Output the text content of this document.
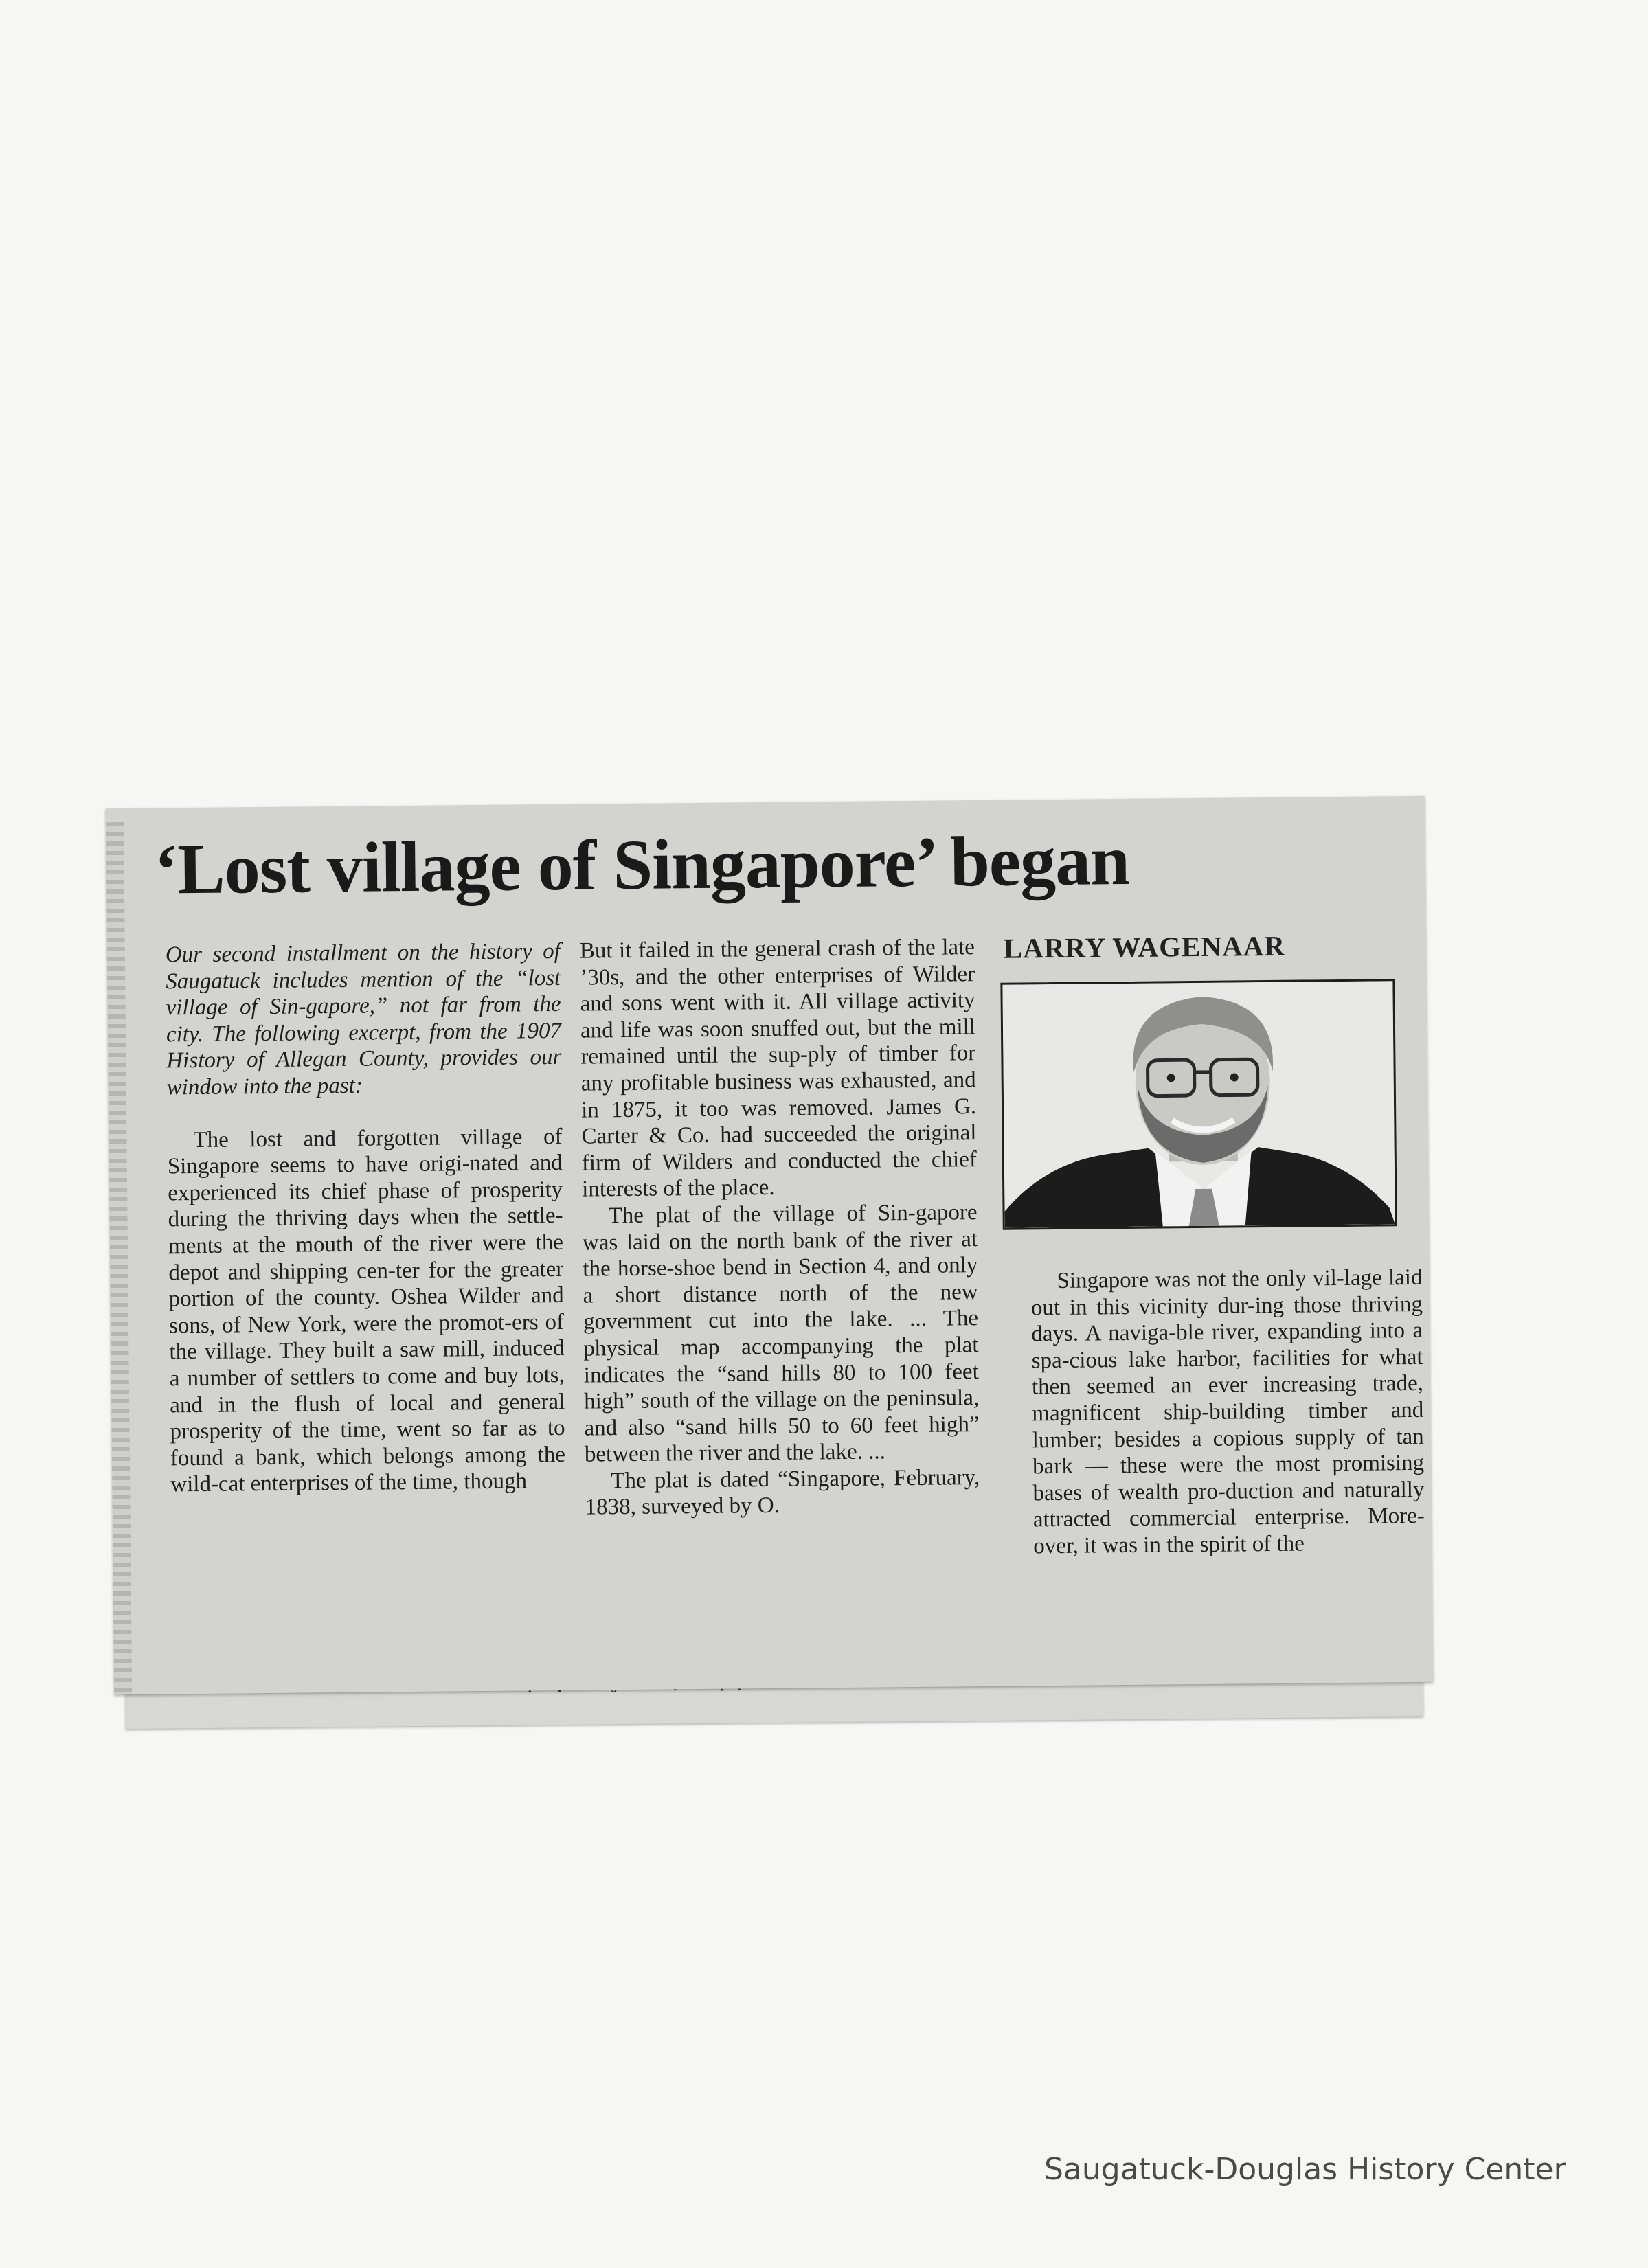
‘Lost village of Singapore’ began

Our second installment on the history of Saugatuck includes mention of the “lost village of Sin-gapore,” not far from the city. The following excerpt, from the 1907 History of Allegan County, provides our window into the past:

The lost and forgotten village of Singapore seems to have origi-nated and experienced its chief phase of prosperity during the thriving days when the settle-ments at the mouth of the river were the depot and shipping cen-ter for the greater portion of the county. Oshea Wilder and sons, of New York, were the promot-ers of the village. They built a saw mill, induced a number of settlers to come and buy lots, and in the flush of local and general prosperity of the time, went so far as to found a bank, which belongs among the wild-cat enterprises of the time, though

But it failed in the general crash of the late ’30s, and the other enterprises of Wilder and sons went with it. All village activity and life was soon snuffed out, but the mill remained until the sup-ply of timber for any profitable business was exhausted, and in 1875, it too was removed. James G. Carter & Co. had succeeded the original firm of Wilders and conducted the chief interests of the place.

The plat of the village of Sin-gapore was laid on the north bank of the river at the horse-shoe bend in Section 4, and only a short distance north of the new government cut into the lake. ... The physical map accompanying the plat indicates the “sand hills 80 to 100 feet high” south of the village on the peninsula, and also “sand hills 50 to 60 feet high” between the river and the lake. ...

The plat is dated “Singapore, February, 1838, surveyed by O.

LARRY WAGENAAR

Singapore was not the only vil-lage laid out in this vicinity dur-ing those thriving days. A naviga-ble river, expanding into a spa-cious lake harbor, facilities for what then seemed an ever increasing trade, magnificent ship-building timber and lumber; besides a copious supply of tan bark — these were the most promising bases of wealth pro-duction and naturally attracted commercial enterprise. More-over, it was in the spirit of the

Saugatuck-Douglas History Center
